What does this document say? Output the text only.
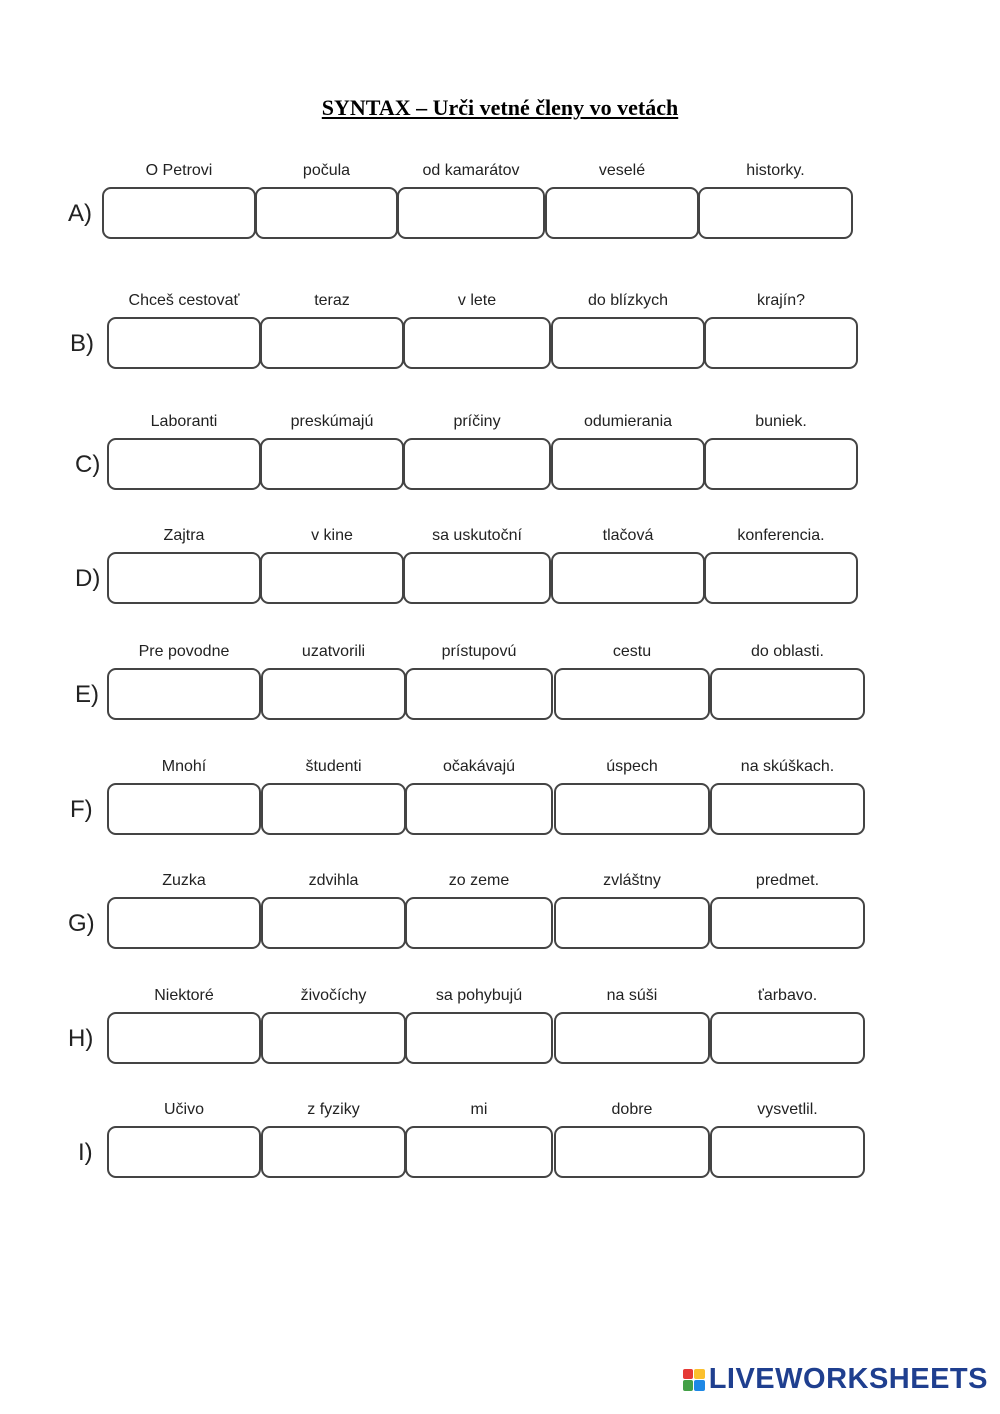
SYNTAX – Urči vetné členy vo vetách
A)
O Petrovi	počula	od kamarátov	veselé	historky.
B)
Chceš cestovať	teraz	v lete	do blízkych	krajín?
C)
Laboranti	preskúmajú	príčiny	odumierania	buniek.
D)
Zajtra	v kine	sa uskutoční	tlačová	konferencia.
E)
Pre povodne	uzatvorili	prístupovú	cestu	do oblasti.
F)
Mnohí	študenti	očakávajú	úspech	na skúškach.
G)
Zuzka	zdvihla	zo zeme	zvláštny	predmet.
H)
Niektoré	živočíchy	sa pohybujú	na súši	ťarbavo.
I)
Učivo	z fyziky	mi	dobre	vysvetlil.
LIVEWORKSHEETS
